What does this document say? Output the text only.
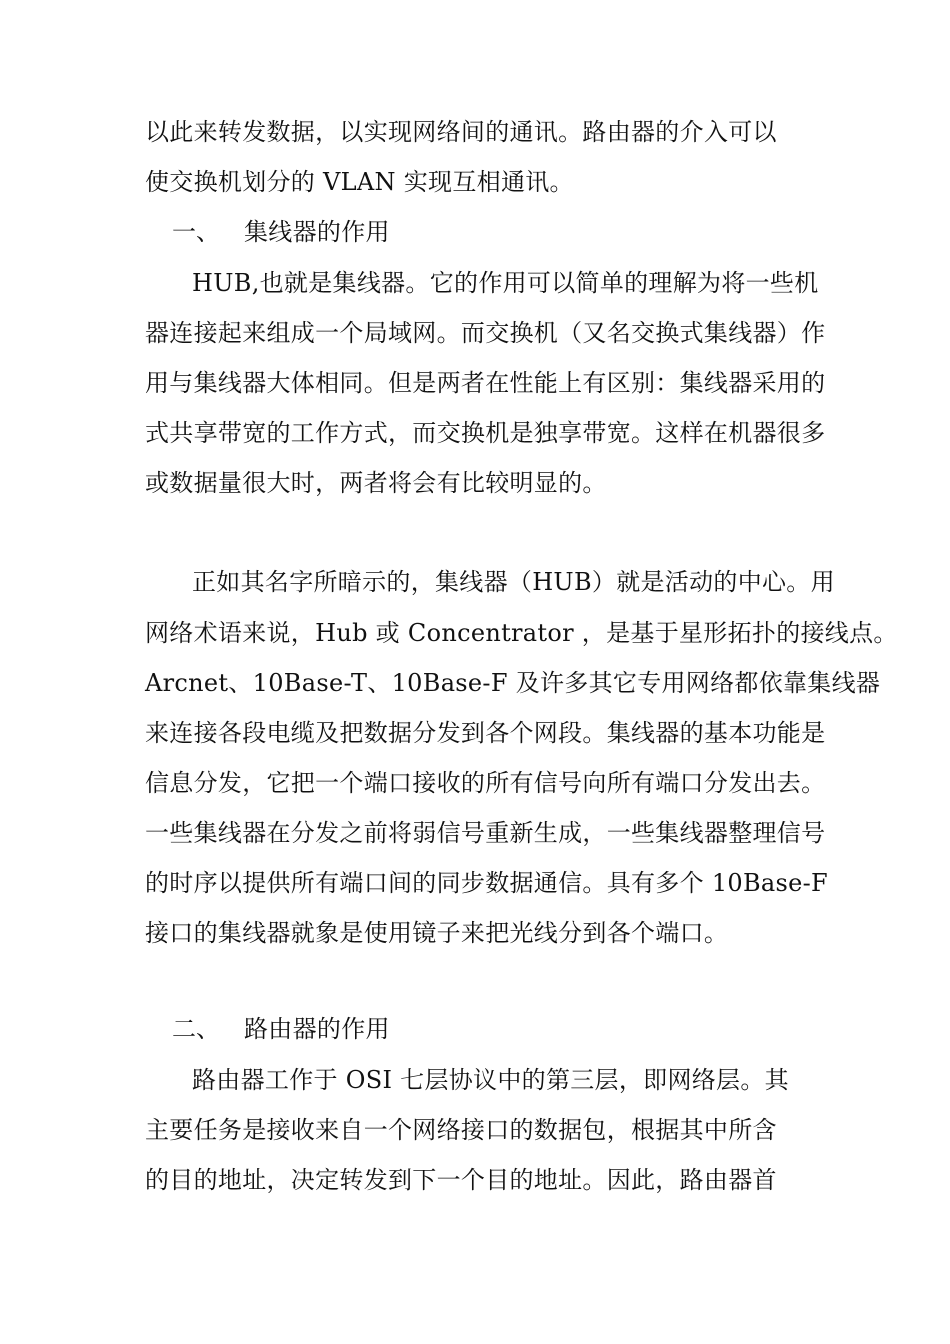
以此来转发数据，以实现网络间的通讯。路由器的介入可以
使交换机划分的 VLAN 实现互相通讯。
一、 集线器的作用
HUB,也就是集线器。它的作用可以简单的理解为将一些机
器连接起来组成一个局域网。而交换机（又名交换式集线器）作
用与集线器大体相同。但是两者在性能上有区别：集线器采用的
式共享带宽的工作方式，而交换机是独享带宽。这样在机器很多
或数据量很大时，两者将会有比较明显的。
正如其名字所暗示的，集线器（HUB）就是活动的中心。用
网络术语来说，Hub 或 Concentrator ，是基于星形拓扑的接线点。
Arcnet、10Base-T、10Base-F 及许多其它专用网络都依靠集线器
来连接各段电缆及把数据分发到各个网段。集线器的基本功能是
信息分发，它把一个端口接收的所有信号向所有端口分发出去。
一些集线器在分发之前将弱信号重新生成，一些集线器整理信号
的时序以提供所有端口间的同步数据通信。具有多个 10Base-F
接口的集线器就象是使用镜子来把光线分到各个端口。
二、 路由器的作用
路由器工作于 OSI 七层协议中的第三层，即网络层。其
主要任务是接收来自一个网络接口的数据包，根据其中所含
的目的地址，决定转发到下一个目的地址。因此，路由器首
